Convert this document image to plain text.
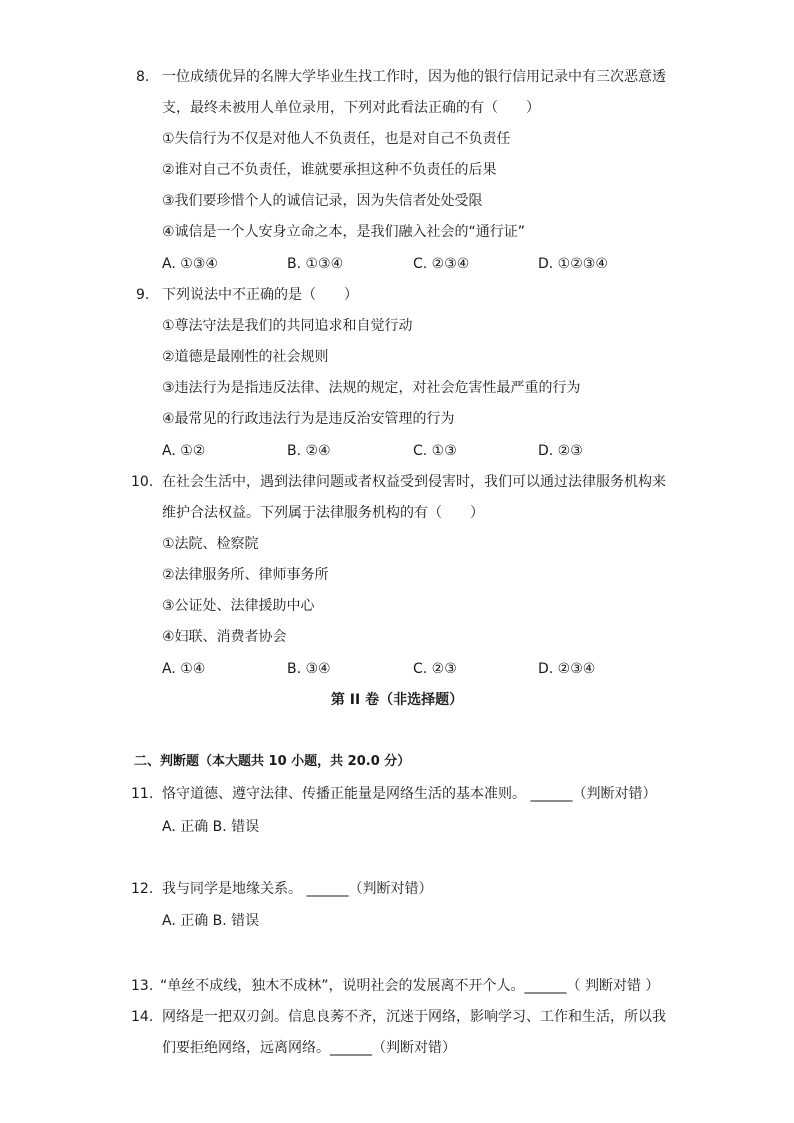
8. 一位成绩优异的名牌大学毕业生找工作时，因为他的银行信用记录中有三次恶意透
支，最终未被用人单位录用，下列对此看法正确的有（　　）
①失信行为不仅是对他人不负责任，也是对自己不负责任
②谁对自己不负责任，谁就要承担这种不负责任的后果
③我们要珍惜个人的诚信记录，因为失信者处处受限
④诚信是一个人安身立命之本，是我们融入社会的“通行证”
A. ①③④	B. ①③④	C. ②③④	D. ①②③④
9. 下列说法中不正确的是（　　）
①尊法守法是我们的共同追求和自觉行动
②道德是最刚性的社会规则
③违法行为是指违反法律、法规的规定，对社会危害性最严重的行为
④最常见的行政违法行为是违反治安管理的行为
A. ①②	B. ②④	C. ①③	D. ②③
10. 在社会生活中，遇到法律问题或者权益受到侵害时，我们可以通过法律服务机构来
维护合法权益。下列属于法律服务机构的有（　　）
①法院、检察院
②法律服务所、律师事务所
③公证处、法律援助中心
④妇联、消费者协会
A. ①④	B. ③④	C. ②③	D. ②③④
第 II 卷（非选择题）
二、判断题（本大题共 10 小题，共 20.0 分）
11. 恪守道德、遵守法律、传播正能量是网络生活的基本准则。 ______（判断对错）
A. 正确 B. 错误
12. 我与同学是地缘关系。 ______（判断对错）
A. 正确 B. 错误
13. “单丝不成线，独木不成林”，说明社会的发展离不开个人。______（ 判断对错 ）
14. 网络是一把双刃剑。信息良莠不齐，沉迷于网络，影响学习、工作和生活，所以我
们要拒绝网络，远离网络。______（判断对错）
